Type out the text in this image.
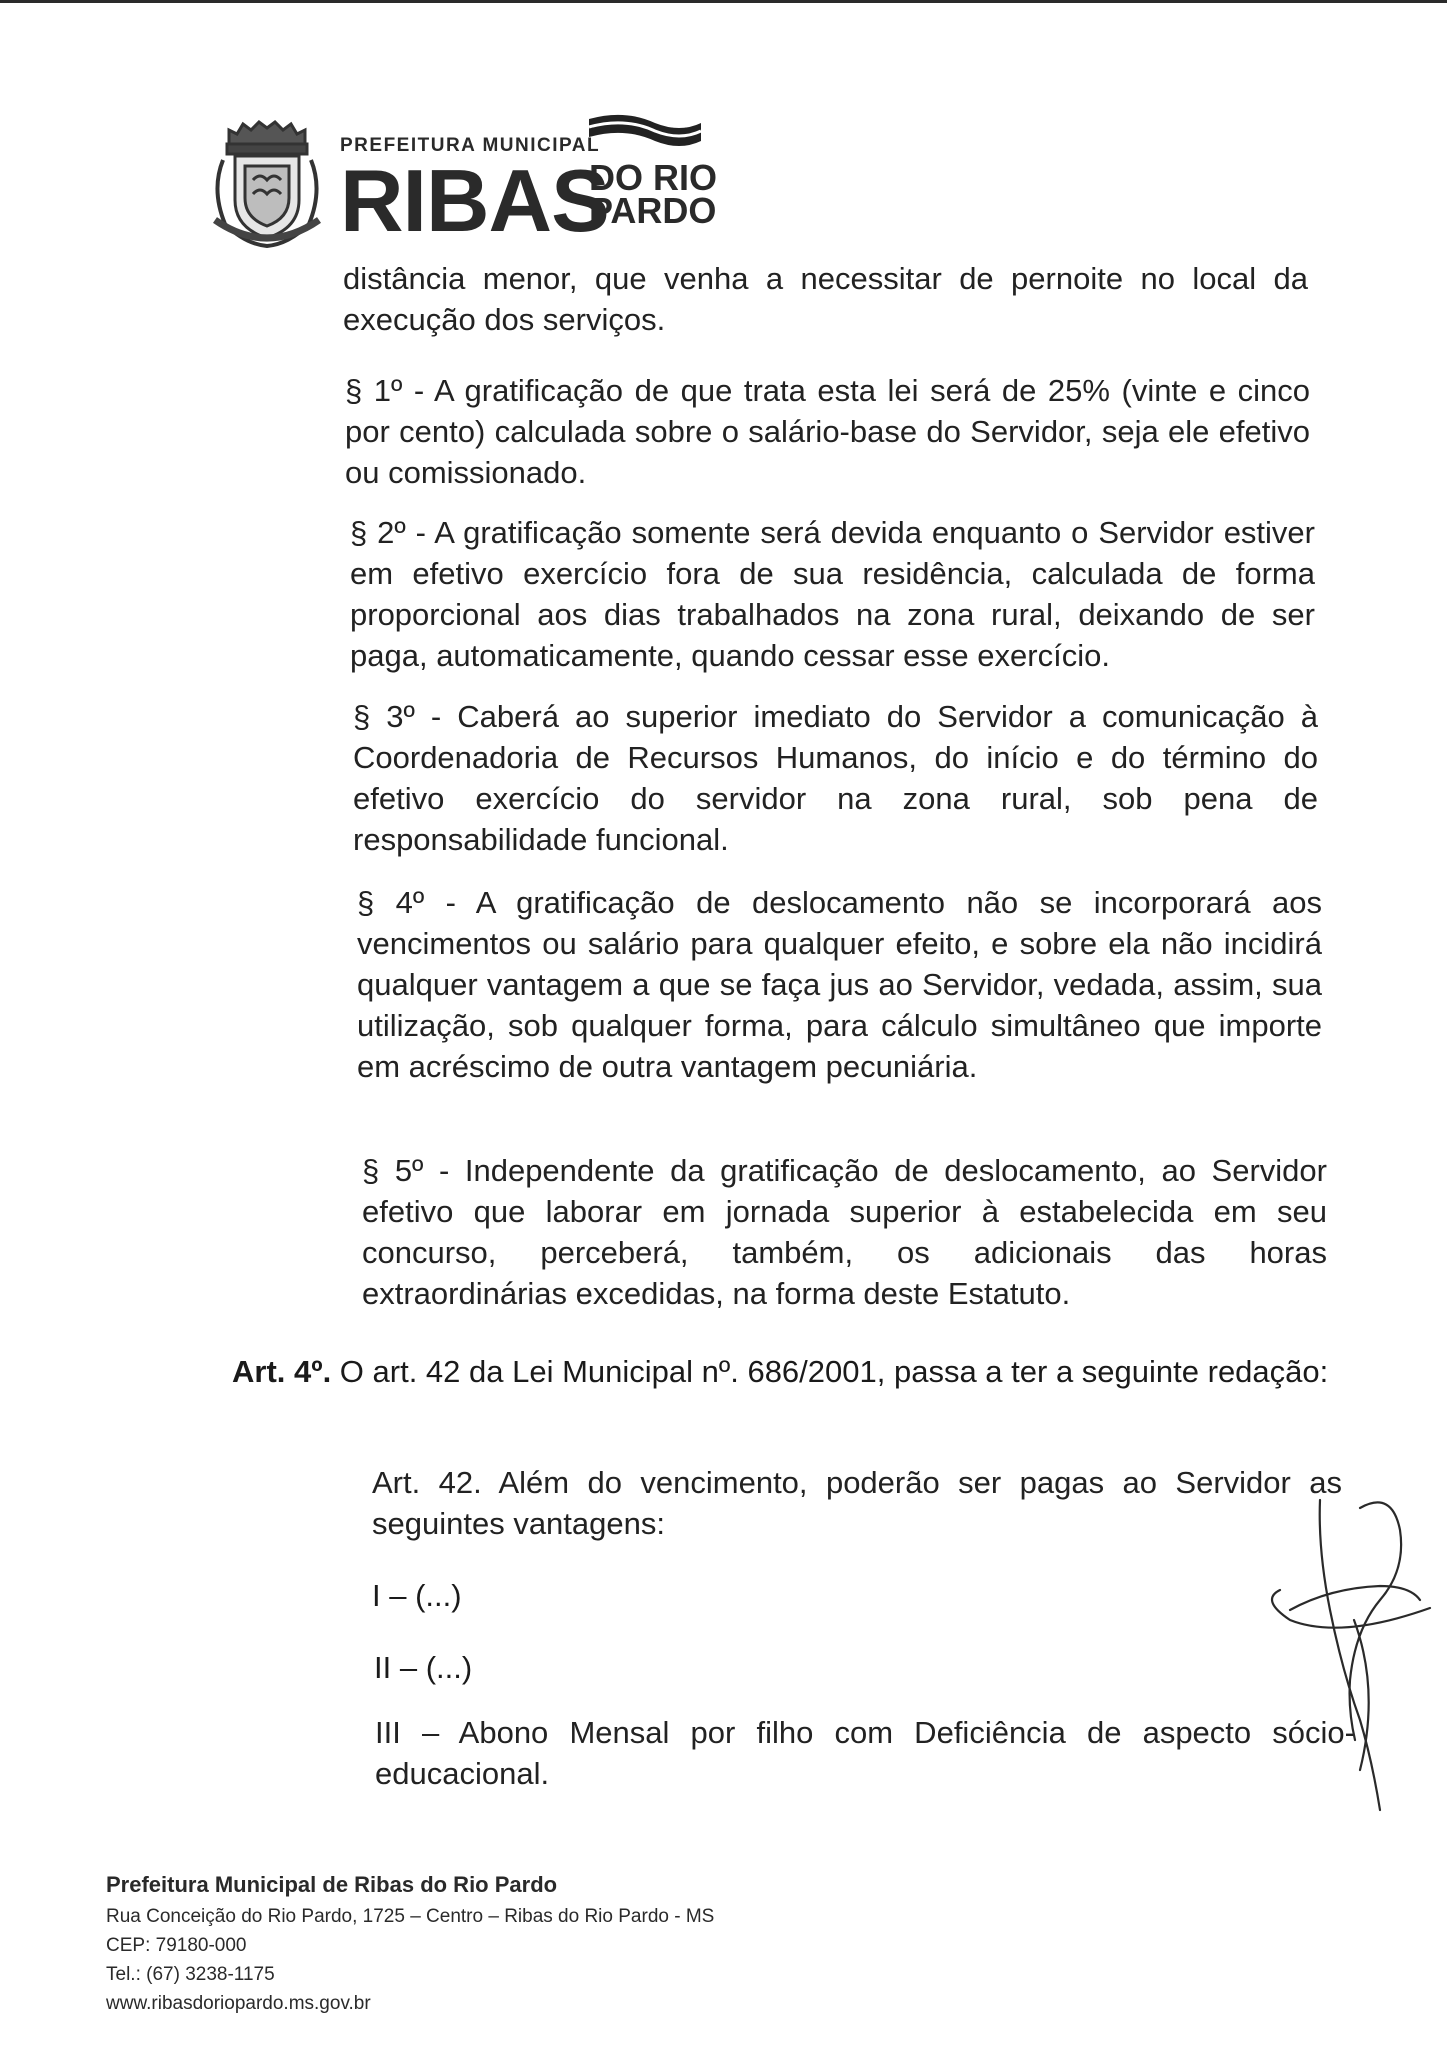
PREFEITURA MUNICIPAL
RIBAS
DO RIO
PARDO

distância menor, que venha a necessitar de pernoite no local da execução dos serviços.

§ 1º - A gratificação de que trata esta lei será de 25% (vinte e cinco por cento) calculada sobre o salário-base do Servidor, seja ele efetivo ou comissionado.

§ 2º - A gratificação somente será devida enquanto o Servidor estiver em efetivo exercício fora de sua residência, calculada de forma proporcional aos dias trabalhados na zona rural, deixando de ser paga, automaticamente, quando cessar esse exercício.

§ 3º - Caberá ao superior imediato do Servidor a comunicação à Coordenadoria de Recursos Humanos, do início e do término do efetivo exercício do servidor na zona rural, sob pena de responsabilidade funcional.

§ 4º - A gratificação de deslocamento não se incorporará aos vencimentos ou salário para qualquer efeito, e sobre ela não incidirá qualquer vantagem a que se faça jus ao Servidor, vedada, assim, sua utilização, sob qualquer forma, para cálculo simultâneo que importe em acréscimo de outra vantagem pecuniária.

§ 5º - Independente da gratificação de deslocamento, ao Servidor efetivo que laborar em jornada superior à estabelecida em seu concurso, perceberá, também, os adicionais das horas extraordinárias excedidas, na forma deste Estatuto.

Art. 4º. O art. 42 da Lei Municipal nº. 686/2001, passa a ter a seguinte redação:

Art. 42. Além do vencimento, poderão ser pagas ao Servidor as seguintes vantagens:

I – (...)

II – (...)

III – Abono Mensal por filho com Deficiência de aspecto sócio-educacional.

Prefeitura Municipal de Ribas do Rio Pardo

Rua Conceição do Rio Pardo, 1725 – Centro – Ribas do Rio Pardo - MS

CEP: 79180-000

Tel.: (67) 3238-1175

www.ribasdoriopardo.ms.gov.br
